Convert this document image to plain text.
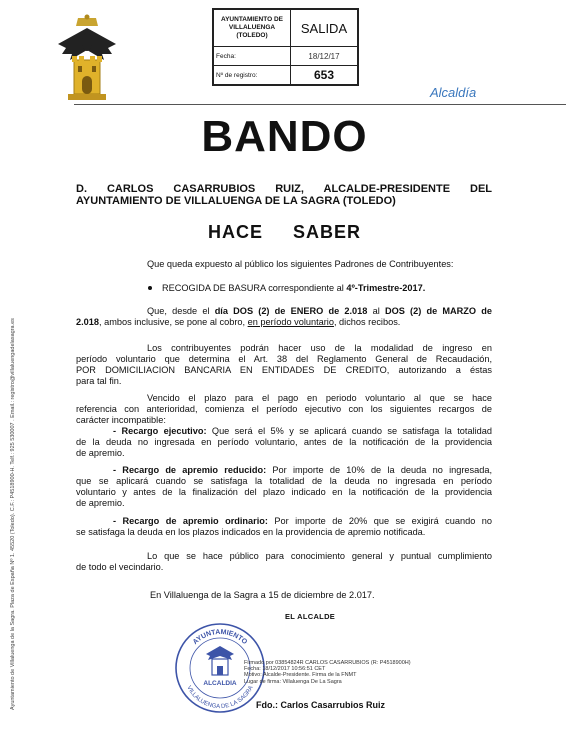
AYUNTAMIENTO DE VILLALUENGA (TOLEDO)	SALIDA
Fecha:	18/12/17
Nº de registro:	653
Alcaldía
Ayuntamiento de Villaluenga de la Sagra. Plaza de España Nº 1. 45520 (Toledo). C.F.: P4518900-H. Telf.: 925 530007 . Email.: registro@villaluengadelasagra.es
BANDO
D. CARLOS CASARRUBIOS RUIZ, ALCALDE-PRESIDENTE DEL
AYUNTAMIENTO DE VILLALUENGA DE LA SAGRA (TOLEDO)
HACE SABER
Que queda expuesto al público los siguientes Padrones de Contribuyentes:
RECOGIDA DE BASURA correspondiente al 4º-Trimestre-2017.
Que, desde el día DOS (2) de ENERO de 2.018 al DOS (2) de MARZO de
2.018, ambos inclusive, se pone al cobro, en período voluntario, dichos recibos.
Los contribuyentes podrán hacer uso de la modalidad de ingreso en
período voluntario que determina el Art. 38 del Reglamento General de Recaudación,
POR DOMICILIACION BANCARIA EN ENTIDADES DE CREDITO, autorizando a éstas
para tal fin.
Vencido el plazo para el pago en periodo voluntario al que se hace
referencia con anterioridad, comienza el período ejecutivo con los siguientes recargos de
carácter incompatible:
- Recargo ejecutivo: Que será el 5% y se aplicará cuando se satisfaga la totalidad
de la deuda no ingresada en período voluntario, antes de la notificación de la providencia
de apremio.
- Recargo de apremio reducido: Por importe de 10% de la deuda no ingresada,
que se aplicará cuando se satisfaga la totalidad de la deuda no ingresada en período
voluntario y antes de la finalización del plazo indicado en la notificación de la providencia
de apremio.
- Recargo de apremio ordinario: Por importe de 20% que se exigirá cuando no
se satisfaga la deuda en los plazos indicados en la providencia de apremio notificada.
Lo que se hace público para conocimiento general y puntual cumplimiento
de todo el vecindario.
En Villaluenga de la Sagra a 15 de diciembre de 2.017.
EL ALCALDE
AYUNTAMIENTO
VILLALUENGA DE LA SAGRA
ALCALDIA
Firmado por 03854824R CARLOS CASARRUBIOS (R: P4518900H)
Fecha: 18/12/2017 10:56:51 CET
Motivo: Alcalde-Presidente. Firma de la FNMT
Lugar de firma: Villaluenga De La Sagra
Fdo.: Carlos Casarrubios Ruiz
